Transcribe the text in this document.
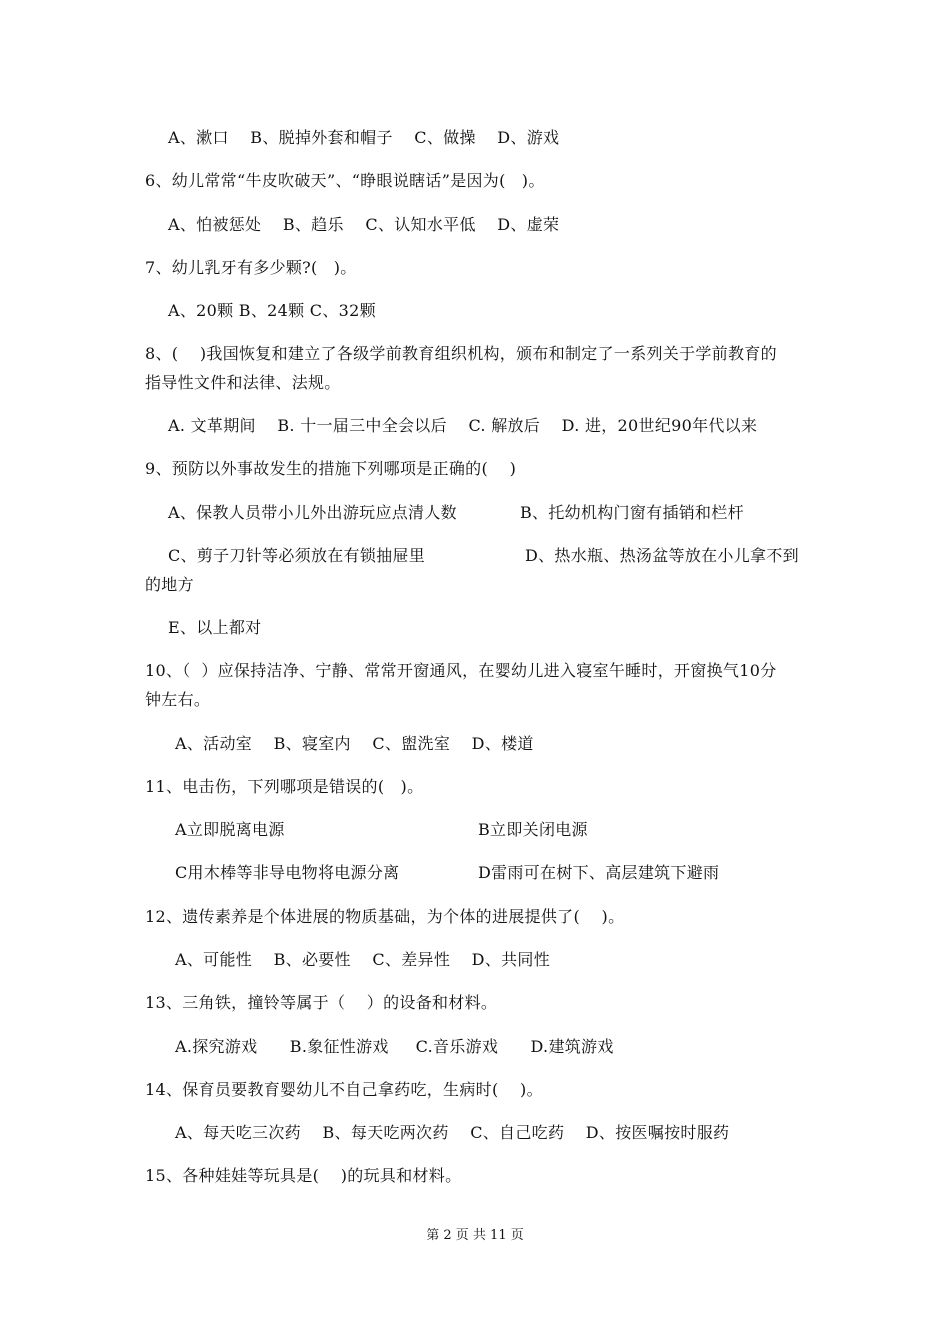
A、漱口    B、脱掉外套和帽子    C、做操    D、游戏
6、幼儿常常“牛皮吹破天”、“睁眼说瞎话”是因为(   )。
A、怕被惩处    B、趋乐    C、认知水平低    D、虚荣
7、幼儿乳牙有多少颗?(   )。
A、20颗 B、24颗 C、32颗
8、(    )我国恢复和建立了各级学前教育组织机构，颁布和制定了一系列关于学前教育的
指导性文件和法律、法规。
A. 文革期间    B. 十一届三中全会以后    C. 解放后    D. 进，20世纪90年代以来
9、预防以外事故发生的措施下列哪项是正确的(    )
A、保教人员带小儿外出游玩应点清人数	B、托幼机构门窗有插销和栏杆
C、剪子刀针等必须放在有锁抽屉里	D、热水瓶、热汤盆等放在小儿拿不到
的地方
E、以上都对
10、（  ）应保持洁净、宁静、常常开窗通风，在婴幼儿进入寝室午睡时，开窗换气10分
钟左右。
A、活动室    B、寝室内    C、盥洗室    D、楼道
11、电击伤，下列哪项是错误的(   )。
A立即脱离电源	B立即关闭电源
C用木棒等非导电物将电源分离	D雷雨可在树下、高层建筑下避雨
12、遗传素养是个体进展的物质基础，为个体的进展提供了(    )。
A、可能性    B、必要性    C、差异性    D、共同性
13、三角铁，撞铃等属于（    ）的设备和材料。
A.探究游戏      B.象征性游戏     C.音乐游戏      D.建筑游戏
14、保育员要教育婴幼儿不自己拿药吃，生病时(    )。
A、每天吃三次药    B、每天吃两次药    C、自己吃药    D、按医嘱按时服药
15、各种娃娃等玩具是(    )的玩具和材料。
第 2 页 共 11 页
